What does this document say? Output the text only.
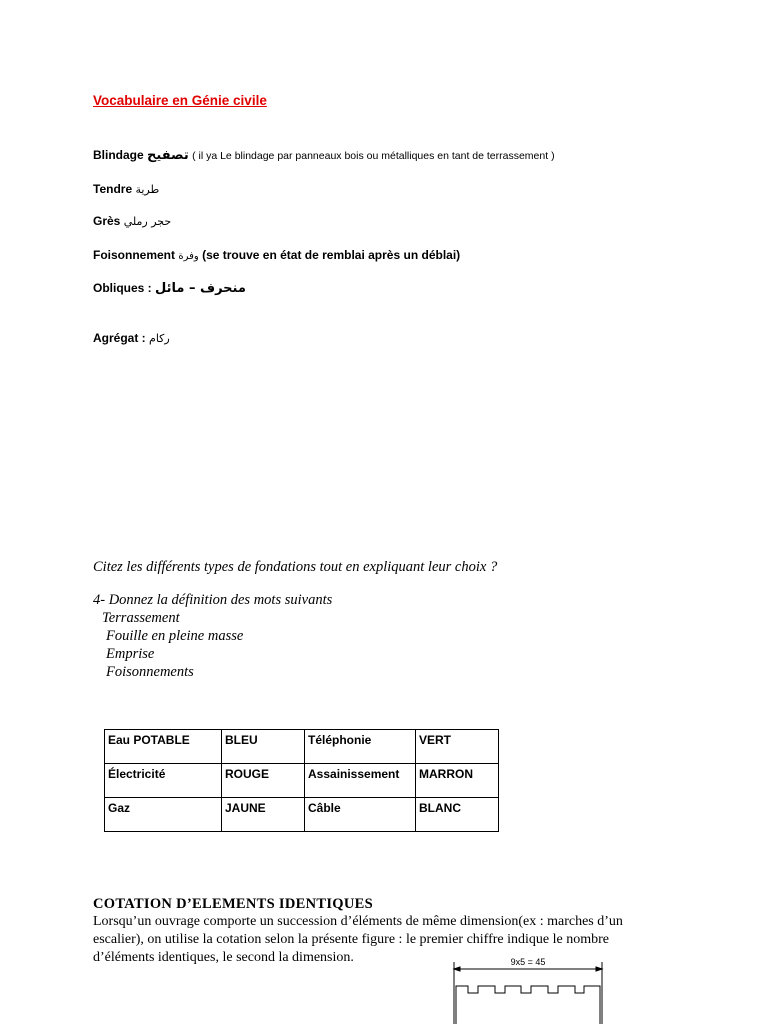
Vocabulaire en Génie civile
Blindage تصفيح ( il ya Le blindage par panneaux bois ou métalliques en tant de terrassement )
Tendre طرية
Grès حجر رملي
Foisonnement وفرة (se trouve en état de remblai après un déblai)
Obliques : منحرف – مائل
Agrégat : ركام
Citez les différents types de fondations tout en expliquant leur choix ?
4- Donnez la définition des mots suivants
Terrassement
Fouille en pleine masse
Emprise
Foisonnements
Eau POTABLE	BLEU	Téléphonie	VERT
Électricité	ROUGE	Assainissement	MARRON
Gaz	JAUNE	Câble	BLANC
COTATION D’ELEMENTS IDENTIQUES
Lorsqu’un ouvrage comporte un succession d’éléments de même dimension(ex : marches d’un escalier), on utilise la cotation selon la présente figure : le premier chiffre indique le nombre d’éléments identiques, le second la dimension.	9x5 = 45
